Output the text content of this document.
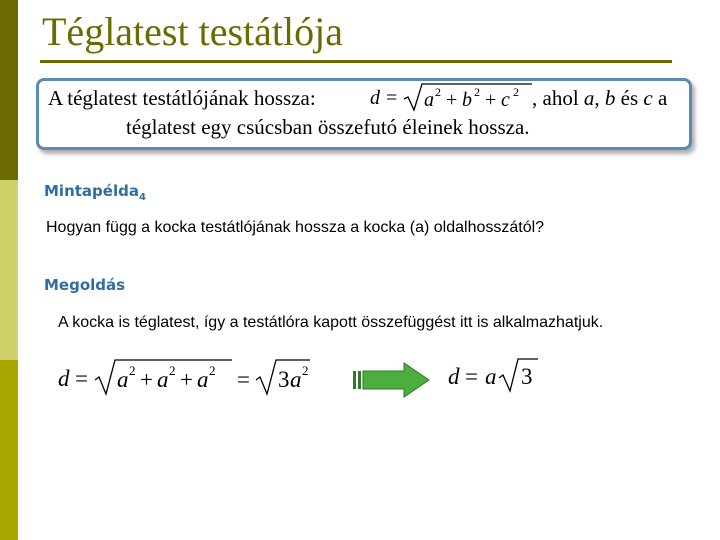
Téglatest testátlója
A téglatest testátlójának hossza:	d = a 2 + b 2 + c 2 , ahol a, b és c a
téglatest egy csúcsban összefutó éleinek hossza.
Mintapélda$_4$
Hogyan függ a kocka testátlójának hossza a kocka (a) oldalhosszától?
Megoldás
A kocka is téglatest, így a testátlóra kapott összefüggést itt is alkalmazhatjuk.
d = a 2 + a 2 + a 2 = 3 a 2	d = a 3
